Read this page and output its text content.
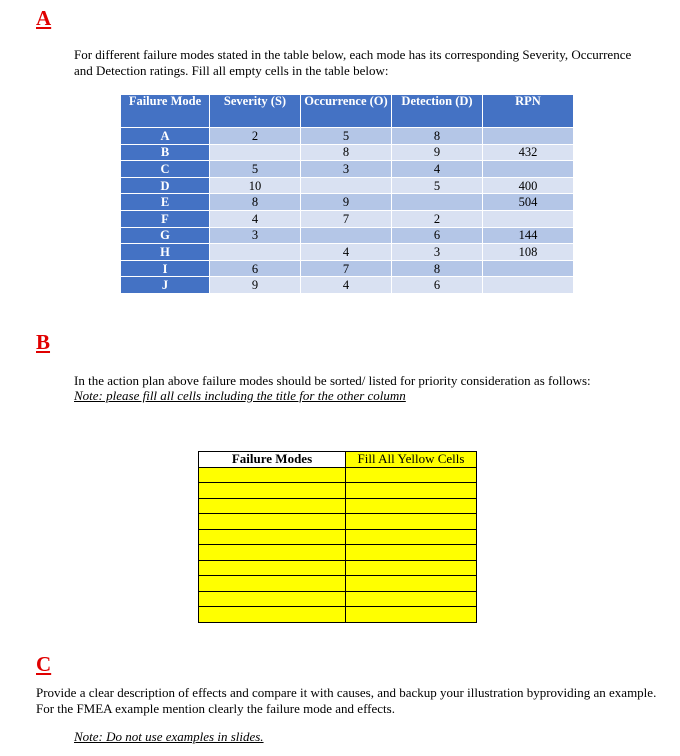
A
For different failure modes stated in the table below, each mode has its corresponding Severity, Occurrence and Detection ratings. Fill all empty cells in the table below:
Failure Mode	Severity (S)	Occurrence (O)	Detection (D)	RPN
A	2	5	8	
B		8	9	432
C	5	3	4	
D	10		5	400
E	8	9		504
F	4	7	2	
G	3		6	144
H		4	3	108
I	6	7	8	
J	9	4	6	
B
In the action plan above failure modes should be sorted/ listed for priority consideration as follows:
Note: please fill all cells including the title for the other column
Failure Modes	Fill All Yellow Cells

C
Provide a clear description of effects and compare it with causes, and backup your illustration byproviding an example. For the FMEA example mention clearly the failure mode and effects.
Note: Do not use examples in slides.
